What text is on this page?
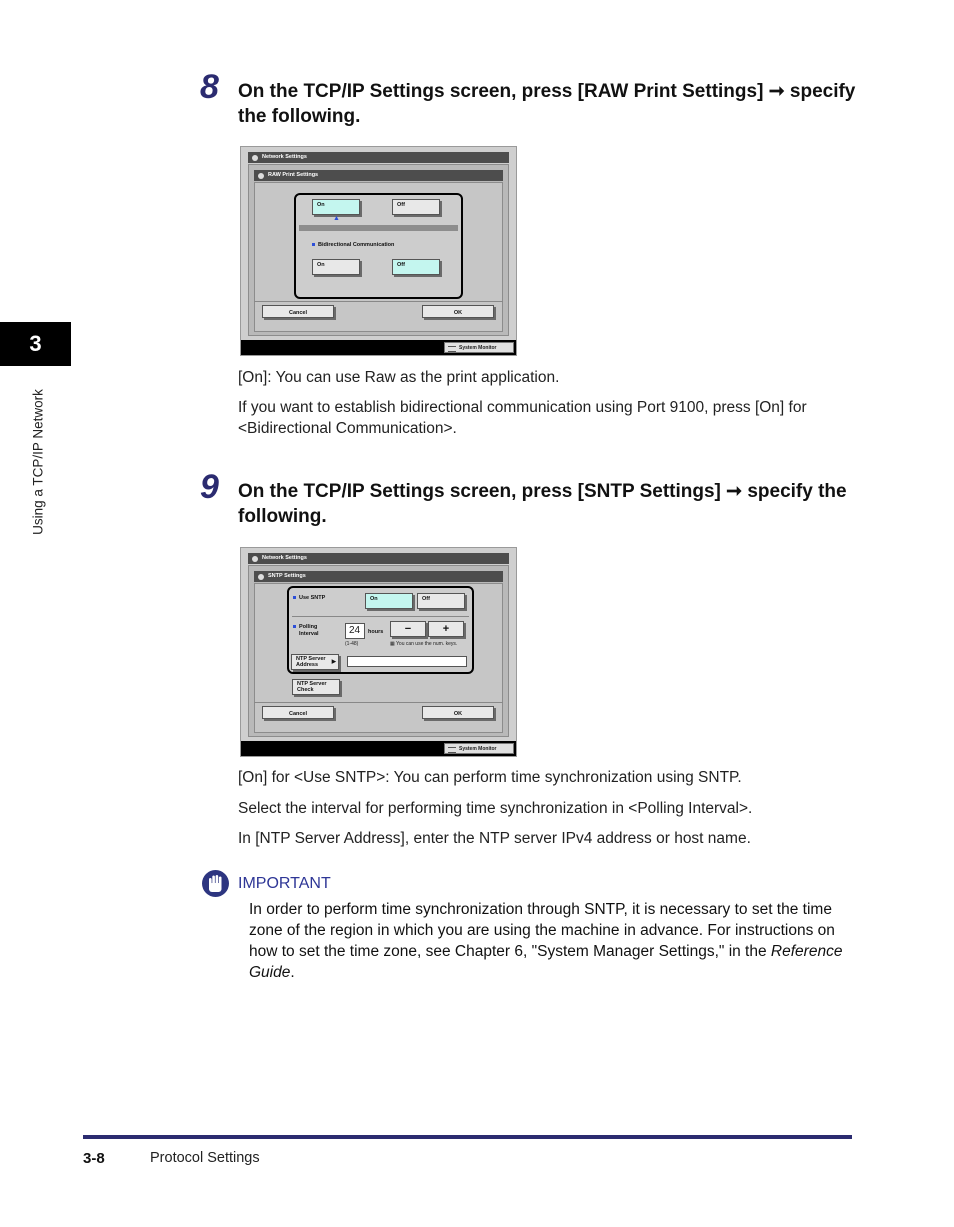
3
Using a TCP/IP Network
8 On the TCP/IP Settings screen, press [RAW Print Settings] ➞ specify the following.
Network Settings
RAW Print Settings
On	Off
▲
Bidirectional Communication
On	Off
Cancel	OK
System Monitor
[On]: You can use Raw as the print application.
If you want to establish bidirectional communication using Port 9100, press [On] for <Bidirectional Communication>.
9 On the TCP/IP Settings screen, press [SNTP Settings] ➞ specify the following.
Network Settings
SNTP Settings
Use SNTP	On	Off
Polling
Interval	24	hours
(1-48)
−	+
▦ You can use the num. keys.
NTP Server
Address	▶
NTP Server
Check
Cancel	OK
System Monitor
[On] for <Use SNTP>: You can perform time synchronization using SNTP.
Select the interval for performing time synchronization in <Polling Interval>.
In [NTP Server Address], enter the NTP server IPv4 address or host name.
IMPORTANT
In order to perform time synchronization through SNTP, it is necessary to set the time zone of the region in which you are using the machine in advance. For instructions on how to set the time zone, see Chapter 6, "System Manager Settings," in the Reference Guide.
3-8	Protocol Settings
